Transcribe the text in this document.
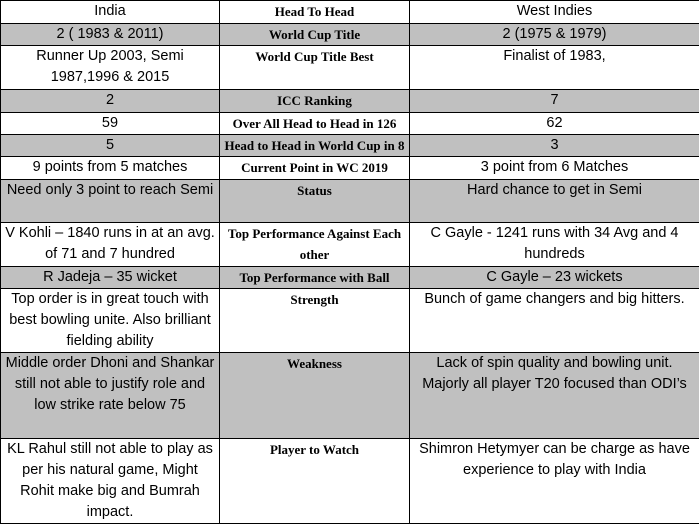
India	Head To Head	West Indies
2 ( 1983 & 2011)	World Cup Title	2 (1975 & 1979)
Runner Up 2003, Semi 1987,1996 & 2015	World Cup Title Best	Finalist of 1983,
2	ICC Ranking	7
59	Over All Head to Head in 126	62
5	Head to Head in World Cup in 8	3
9 points from 5 matches	Current Point in WC 2019	3 point from 6 Matches
Need only 3 point to reach Semi	Status	Hard chance to get in Semi
V Kohli – 1840 runs in at an avg. of 71 and 7 hundred	Top Performance Against Each other	C Gayle - 1241 runs with 34 Avg and 4 hundreds
R Jadeja – 35 wicket	Top Performance with Ball	C Gayle – 23 wickets
Top order is in great touch with best bowling unite. Also brilliant fielding ability	Strength	Bunch of game changers and big hitters.
Middle order Dhoni and Shankar still not able to justify role and low strike rate below 75	Weakness	Lack of spin quality and bowling unit. Majorly all player T20 focused than ODI’s
KL Rahul still not able to play as per his natural game, Might Rohit make big and Bumrah impact.	Player to Watch	Shimron Hetymyer can be charge as have experience to play with India
